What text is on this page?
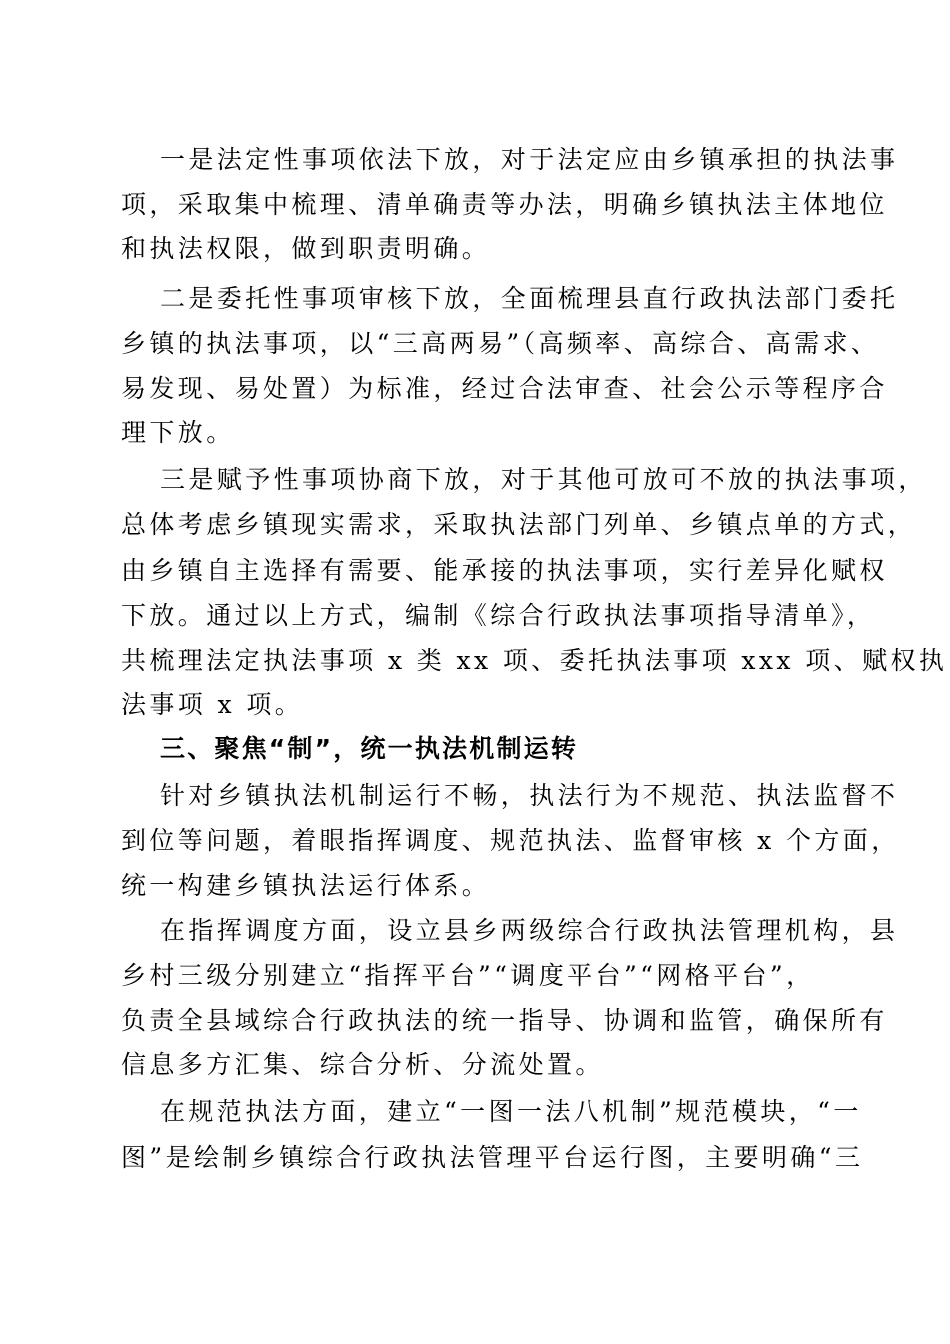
一是法定性事项依法下放，对于法定应由乡镇承担的执法事
项，采取集中梳理、清单确责等办法，明确乡镇执法主体地位
和执法权限，做到职责明确。
二是委托性事项审核下放，全面梳理县直行政执法部门委托
乡镇的执法事项，以“三高两易”（高频率、高综合、高需求、
易发现、易处置）为标准，经过合法审查、社会公示等程序合
理下放。
三是赋予性事项协商下放，对于其他可放可不放的执法事项，
总体考虑乡镇现实需求，采取执法部门列单、乡镇点单的方式，
由乡镇自主选择有需要、能承接的执法事项，实行差异化赋权
下放。通过以上方式，编制《综合行政执法事项指导清单》，
共梳理法定执法事项 x 类 xx 项、委托执法事项 xxx 项、赋权执
法事项 x 项。
三、聚焦“制”，统一执法机制运转
针对乡镇执法机制运行不畅，执法行为不规范、执法监督不
到位等问题，着眼指挥调度、规范执法、监督审核 x 个方面，
统一构建乡镇执法运行体系。
在指挥调度方面，设立县乡两级综合行政执法管理机构，县
乡村三级分别建立“指挥平台”“调度平台”“网格平台”，
负责全县域综合行政执法的统一指导、协调和监管，确保所有
信息多方汇集、综合分析、分流处置。
在规范执法方面，建立“一图一法八机制”规范模块，“一
图”是绘制乡镇综合行政执法管理平台运行图，主要明确“三
